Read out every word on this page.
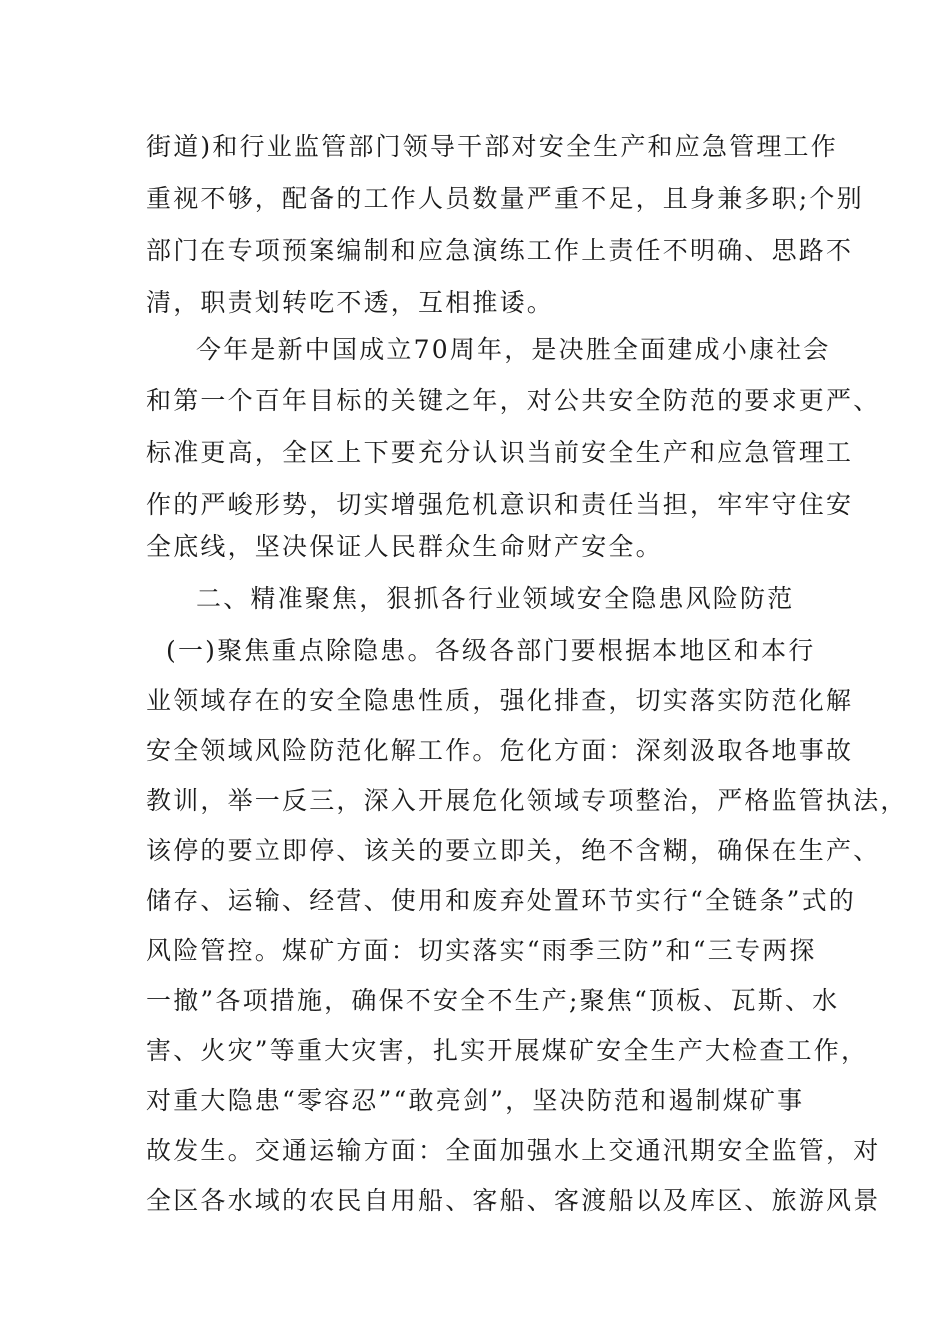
街道)和行业监管部门领导干部对安全生产和应急管理工作
重视不够，配备的工作人员数量严重不足，且身兼多职;个别
部门在专项预案编制和应急演练工作上责任不明确、思路不
清，职责划转吃不透，互相推诿。
今年是新中国成立70周年，是决胜全面建成小康社会
和第一个百年目标的关键之年，对公共安全防范的要求更严、
标准更高，全区上下要充分认识当前安全生产和应急管理工
作的严峻形势，切实增强危机意识和责任当担，牢牢守住安
全底线，坚决保证人民群众生命财产安全。
二、精准聚焦，狠抓各行业领域安全隐患风险防范
(一)聚焦重点除隐患。各级各部门要根据本地区和本行
业领域存在的安全隐患性质，强化排查，切实落实防范化解
安全领域风险防范化解工作。危化方面：深刻汲取各地事故
教训，举一反三，深入开展危化领域专项整治，严格监管执法，
该停的要立即停、该关的要立即关，绝不含糊，确保在生产、
储存、运输、经营、使用和废弃处置环节实行“全链条”式的
风险管控。煤矿方面：切实落实“雨季三防”和“三专两探
一撤”各项措施，确保不安全不生产;聚焦“顶板、瓦斯、水
害、火灾”等重大灾害，扎实开展煤矿安全生产大检查工作，
对重大隐患“零容忍”“敢亮剑”，坚决防范和遏制煤矿事
故发生。交通运输方面：全面加强水上交通汛期安全监管，对
全区各水域的农民自用船、客船、客渡船以及库区、旅游风景
